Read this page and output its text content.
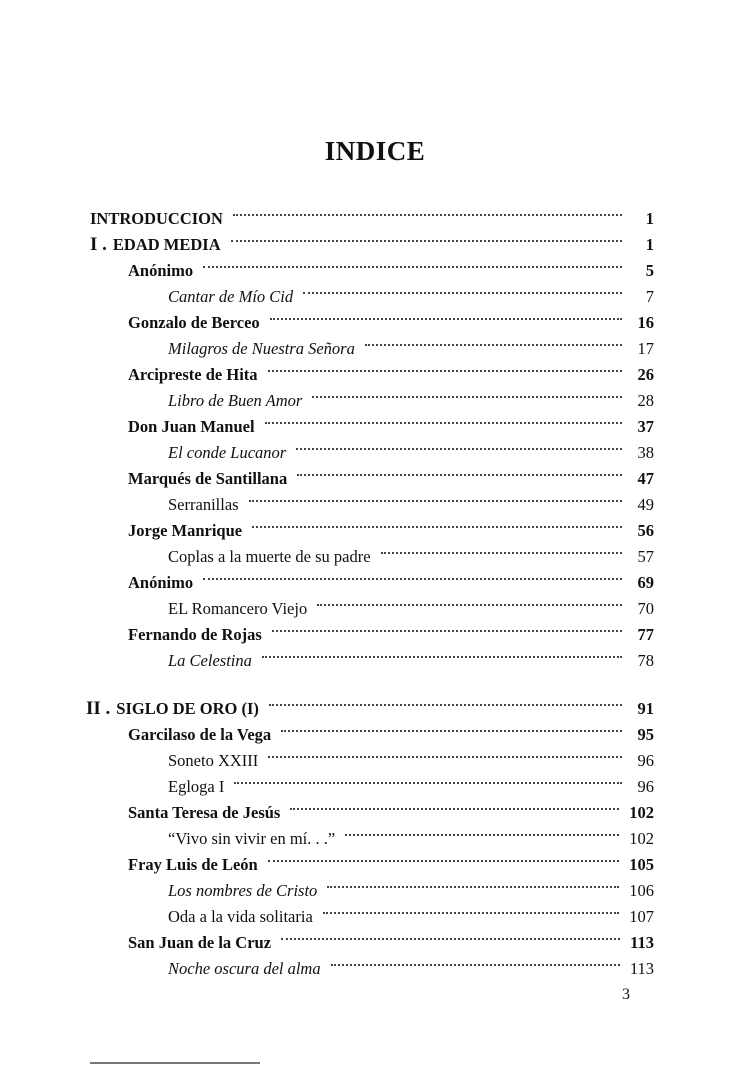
INDICE
INTRODUCCION	1
I . EDAD MEDIA	1
Anónimo	5
Cantar de Mío Cid	7
Gonzalo de Berceo	16
Milagros de Nuestra Señora	17
Arcipreste de Hita	26
Libro de Buen Amor	28
Don Juan Manuel	37
El conde Lucanor	38
Marqués de Santillana	47
Serranillas	49
Jorge Manrique	56
Coplas a la muerte de su padre	57
Anónimo	69
EL Romancero Viejo	70
Fernando de Rojas	77
La Celestina	78
II . SIGLO DE ORO (I)	91
Garcilaso de la Vega	95
Soneto XXIII	96
Egloga I	96
Santa Teresa de Jesús	102
“Vivo sin vivir en mí. . .”	102
Fray Luis de León	105
Los nombres de Cristo	106
Oda a la vida solitaria	107
San Juan de la Cruz	113
Noche oscura del alma	113
3
